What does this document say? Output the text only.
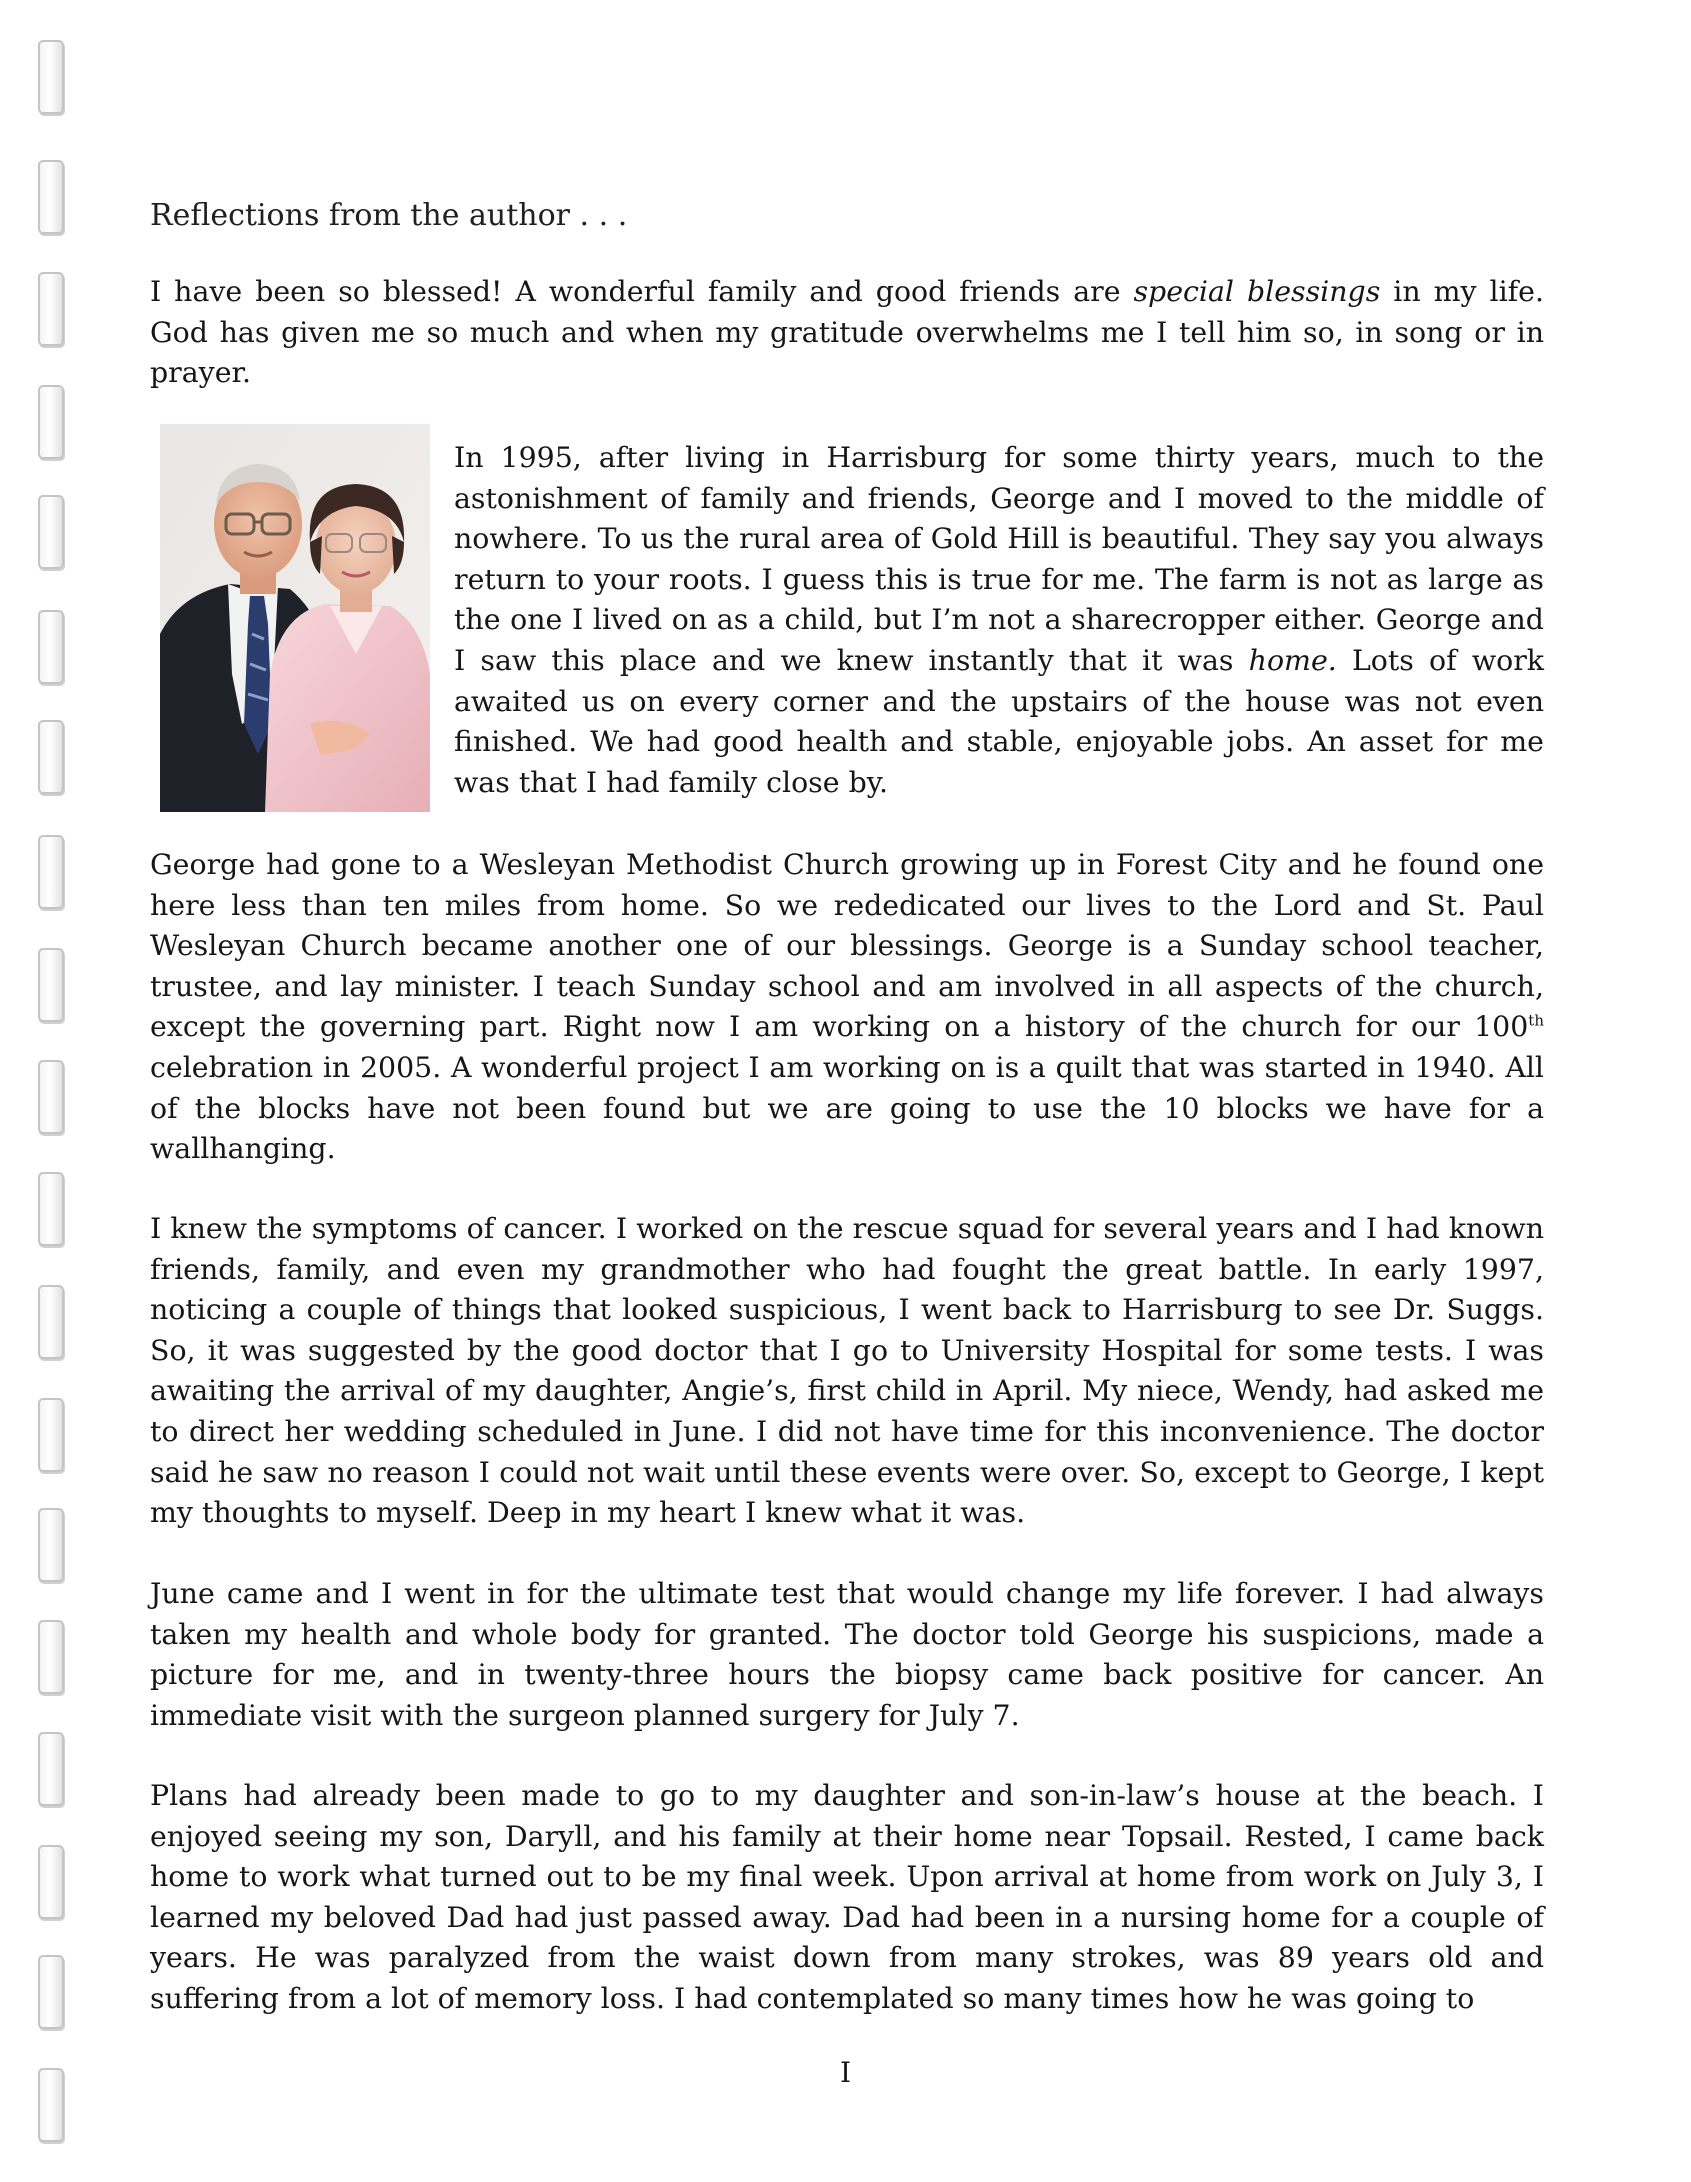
Reflections from the author . . .

I have been so blessed! A wonderful family and good friends are special blessings in my life. God has given me so much and when my gratitude overwhelms me I tell him so, in song or in prayer.

In 1995, after living in Harrisburg for some thirty years, much to the astonishment of family and friends, George and I moved to the middle of nowhere. To us the rural area of Gold Hill is beautiful. They say you always return to your roots. I guess this is true for me. The farm is not as large as the one I lived on as a child, but I’m not a sharecropper either. George and I saw this place and we knew instantly that it was home. Lots of work awaited us on every corner and the upstairs of the house was not even finished. We had good health and stable, enjoyable jobs. An asset for me was that I had family close by.

George had gone to a Wesleyan Methodist Church growing up in Forest City and he found one here less than ten miles from home. So we rededicated our lives to the Lord and St. Paul Wesleyan Church became another one of our blessings. George is a Sunday school teacher, trustee, and lay minister. I teach Sunday school and am involved in all aspects of the church, except the governing part. Right now I am working on a history of the church for our 100th celebration in 2005. A wonderful project I am working on is a quilt that was started in 1940. All of the blocks have not been found but we are going to use the 10 blocks we have for a wallhanging.

I knew the symptoms of cancer. I worked on the rescue squad for several years and I had known friends, family, and even my grandmother who had fought the great battle. In early 1997, noticing a couple of things that looked suspicious, I went back to Harrisburg to see Dr. Suggs. So, it was suggested by the good doctor that I go to University Hospital for some tests. I was awaiting the arrival of my daughter, Angie’s, first child in April. My niece, Wendy, had asked me to direct her wedding scheduled in June. I did not have time for this inconvenience. The doctor said he saw no reason I could not wait until these events were over. So, except to George, I kept my thoughts to myself. Deep in my heart I knew what it was.

June came and I went in for the ultimate test that would change my life forever. I had always taken my health and whole body for granted. The doctor told George his suspicions, made a picture for me, and in twenty-three hours the biopsy came back positive for cancer. An immediate visit with the surgeon planned surgery for July 7.

Plans had already been made to go to my daughter and son-in-law’s house at the beach. I enjoyed seeing my son, Daryll, and his family at their home near Topsail. Rested, I came back home to work what turned out to be my final week. Upon arrival at home from work on July 3, I learned my beloved Dad had just passed away. Dad had been in a nursing home for a couple of years. He was paralyzed from the waist down from many strokes, was 89 years old and suffering from a lot of memory loss. I had contemplated so many times how he was going to

I
